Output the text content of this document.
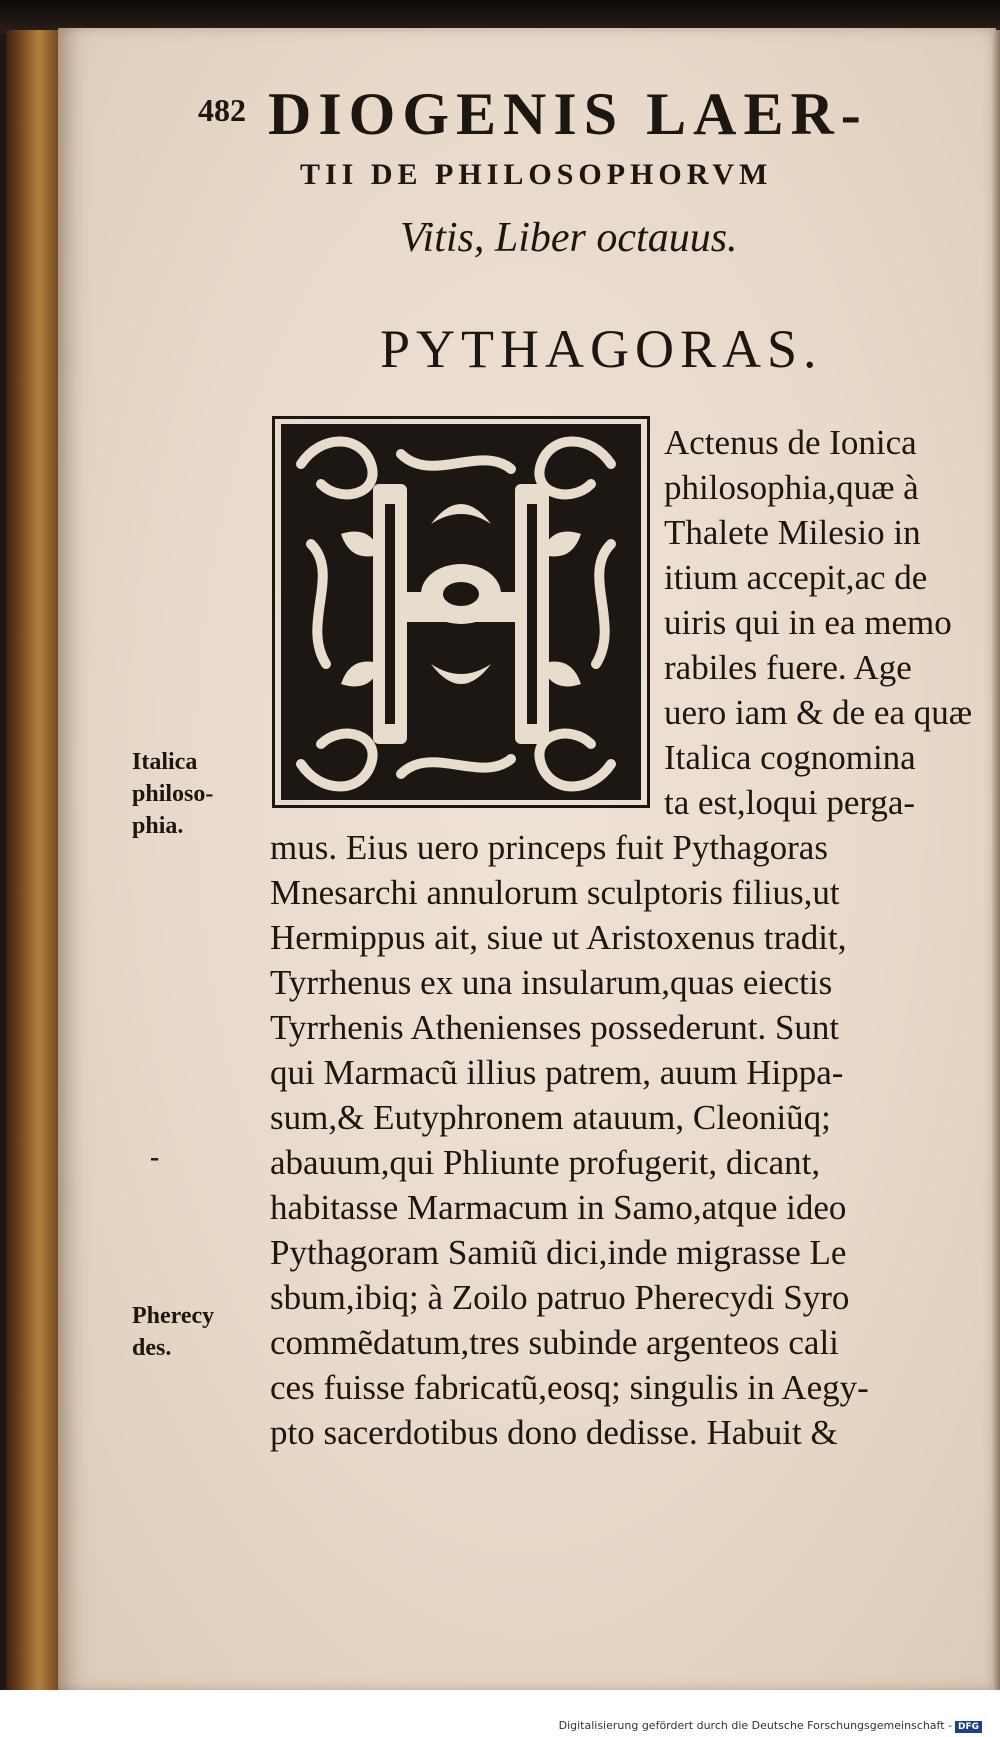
482 DIOGENIS LAER-
TII DE PHILOSOPHORVM
Vitis, Liber octauus.
PYTHAGORAS.
Actenus de Ionica
philosophia,quæ à
Thalete Milesio in
itium accepit,ac de
uiris qui in ea memo
rabiles fuere. Age
uero iam & de ea quæ
Italica cognomina
ta est,loqui perga-
mus. Eius uero princeps fuit Pythagoras
Mnesarchi annulorum sculptoris filius,ut
Hermippus ait, siue ut Aristoxenus tradit,
Tyrrhenus ex una insularum,quas eiectis
Tyrrhenis Athenienses possederunt. Sunt
qui Marmacũ illius patrem, auum Hippa-
sum,& Eutyphronem atauum, Cleoniũq;
abauum,qui Phliunte profugerit, dicant,
habitasse Marmacum in Samo,atque ideo
Pythagoram Samiũ dici,inde migrasse Le
sbum,ibiq; à Zoilo patruo Pherecydi Syro
commẽdatum,tres subinde argenteos cali
ces fuisse fabricatũ,eosq; singulis in Aegy-
pto sacerdotibus dono dedisse. Habuit &
Italica
philoso-
phia.
-
Pherecy
des.
Digitalisierung gefördert durch die Deutsche Forschungsgemeinschaft - DFG
